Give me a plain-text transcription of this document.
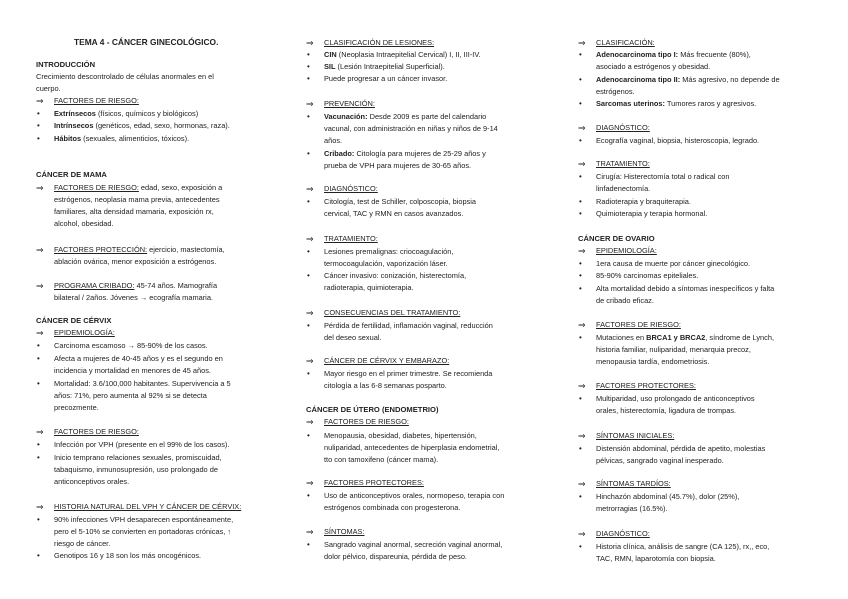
TEMA 4 - CÁNCER GINECOLÓGICO.
INTRODUCCIÓN
Crecimiento descontrolado de células anormales en el
cuerpo.
⇒ FACTORES DE RIESGO:
• Extrínsecos (físicos, químicos y biológicos)
• Intrínsecos (genéticos, edad, sexo, hormonas, raza).
• Hábitos (sexuales, alimenticios, tóxicos).
CÁNCER DE MAMA
⇒ FACTORES DE RIESGO: edad, sexo, exposición a
estrógenos, neoplasia mama previa, antecedentes
familiares, alta densidad mamaria, exposición rx,
alcohol, obesidad.
⇒ FACTORES PROTECCIÓN: ejercicio, mastectomía,
ablación ovárica, menor exposición a estrógenos.
⇒ PROGRAMA CRIBADO: 45-74 años. Mamografía
bilateral / 2años. Jóvenes → ecografía mamaria.
CÁNCER DE CÉRVIX
⇒ EPIDEMIOLOGÍA:
• Carcinoma escamoso → 85-90% de los casos.
• Afecta a mujeres de 40-45 años y es el segundo en
incidencia y mortalidad en menores de 45 años.
• Mortalidad: 3.6/100,000 habitantes. Supervivencia a 5
años: 71%, pero aumenta al 92% si se detecta
precozmente.
⇒ FACTORES DE RIESGO:
• Infección por VPH (presente en el 99% de los casos).
• Inicio temprano relaciones sexuales, promiscuidad,
tabaquismo, inmunosupresión, uso prolongado de
anticonceptivos orales.
⇒ HISTORIA NATURAL DEL VPH Y CÁNCER DE CÉRVIX:
• 90% infecciones VPH desaparecen espontáneamente,
pero el 5-10% se convierten en portadoras crónicas, ↑
riesgo de cáncer.
• Genotipos 16 y 18 son los más oncogénicos.
⇒ CLASIFICACIÓN DE LESIONES:
• CIN (Neoplasia Intraepitelial Cervical) I, II, III-IV.
• SIL (Lesión Intraepitelial Superficial).
• Puede progresar a un cáncer invasor.
⇒ PREVENCIÓN:
• Vacunación: Desde 2009 es parte del calendario
vacunal, con administración en niñas y niños de 9-14
años.
• Cribado: Citología para mujeres de 25-29 años y
prueba de VPH para mujeres de 30-65 años.
⇒ DIAGNÓSTICO:
• Citología, test de Schiller, colposcopia, biopsia
cervical, TAC y RMN en casos avanzados.
⇒ TRATAMIENTO:
• Lesiones premalignas: criocoagulación,
termocoagulación, vaporización láser.
• Cáncer invasivo: conización, histerectomía,
radioterapia, quimioterapia.
⇒ CONSECUENCIAS DEL TRATAMIENTO:
• Pérdida de fertilidad, inflamación vaginal, reducción
del deseo sexual.
⇒ CÁNCER DE CÉRVIX Y EMBARAZO:
• Mayor riesgo en el primer trimestre. Se recomienda
citología a las 6-8 semanas posparto.
CÁNCER DE ÚTERO (ENDOMETRIO)
⇒ FACTORES DE RIESGO:
• Menopausia, obesidad, diabetes, hipertensión,
nuliparidad, antecedentes de hiperplasia endometrial,
tto con tamoxifeno (cáncer mama).
⇒ FACTORES PROTECTORES:
• Uso de anticonceptivos orales, normopeso, terapia con
estrógenos combinada con progesterona.
⇒ SÍNTOMAS:
• Sangrado vaginal anormal, secreción vaginal anormal,
dolor pélvico, dispareunia, pérdida de peso.
⇒ CLASIFICACIÓN:
• Adenocarcinoma tipo I: Más frecuente (80%),
asociado a estrógenos y obesidad.
• Adenocarcinoma tipo II: Más agresivo, no depende de
estrógenos.
• Sarcomas uterinos: Tumores raros y agresivos.
⇒ DIAGNÓSTICO:
• Ecografía vaginal, biopsia, histeroscopia, legrado.
⇒ TRATAMIENTO:
• Cirugía: Histerectomía total o radical con
linfadenectomía.
• Radioterapia y braquiterapia.
• Quimioterapia y terapia hormonal.
CÁNCER DE OVARIO
⇒ EPIDEMIOLOGÍA:
• 1era causa de muerte por cáncer ginecológico.
• 85-90% carcinomas epiteliales.
• Alta mortalidad debido a síntomas inespecíficos y falta
de cribado eficaz.
⇒ FACTORES DE RIESGO:
• Mutaciones en BRCA1 y BRCA2, síndrome de Lynch,
historia familiar, nuliparidad, menarquia precoz,
menopausia tardía, endometriosis.
⇒ FACTORES PROTECTORES:
• Multiparidad, uso prolongado de anticonceptivos
orales, histerectomía, ligadura de trompas.
⇒ SÍNTOMAS INICIALES:
• Distensión abdominal, pérdida de apetito, molestias
pélvicas, sangrado vaginal inesperado.
⇒ SÍNTOMAS TARDÍOS:
• Hinchazón abdominal (45.7%), dolor (25%),
metrorragias (16.5%).
⇒ DIAGNÓSTICO:
• Historia clínica, análisis de sangre (CA 125), rx,, eco,
TAC, RMN, laparotomía con biopsia.
